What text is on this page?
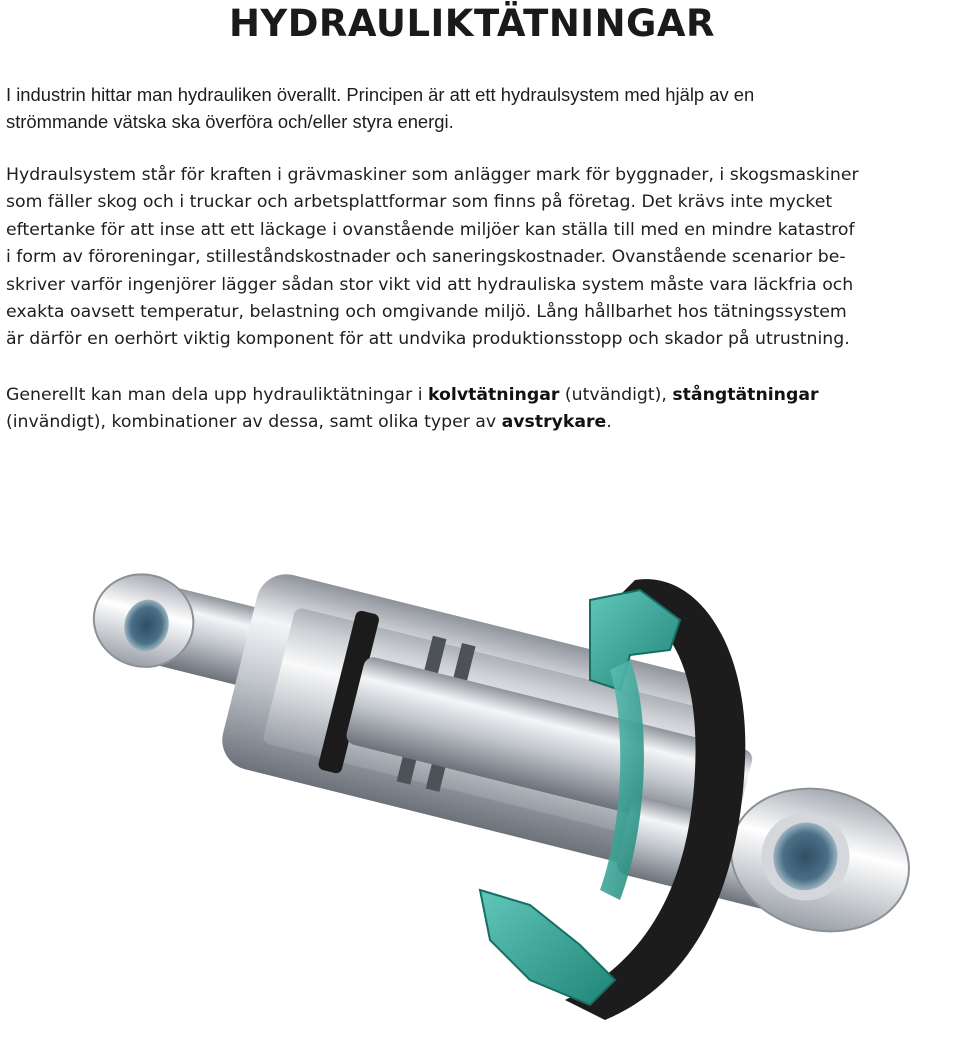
HYDRAULIKTÄTNINGAR

I industrin hittar man hydrauliken överallt. Principen är att ett hydraulsystem med hjälp av en
strömmande vätska ska överföra och/eller styra energi.

Hydraulsystem står för kraften i grävmaskiner som anlägger mark för byggnader, i skogsmaskiner
som fäller skog och i truckar och arbetsplattformar som finns på företag. Det krävs inte mycket
eftertanke för att inse att ett läckage i ovanstående miljöer kan ställa till med en mindre katastrof
i form av föroreningar, stilleståndskostnader och saneringskostnader. Ovanstående scenarior be-
skriver varför ingenjörer lägger sådan stor vikt vid att hydrauliska system måste vara läckfria och
exakta oavsett temperatur, belastning och omgivande miljö. Lång hållbarhet hos tätningssystem
är därför en oerhört viktig komponent för att undvika produktionsstopp och skador på utrustning.

Generellt kan man dela upp hydrauliktätningar i kolvtätningar (utvändigt), stångtätningar
(invändigt), kombinationer av dessa, samt olika typer av avstrykare.
